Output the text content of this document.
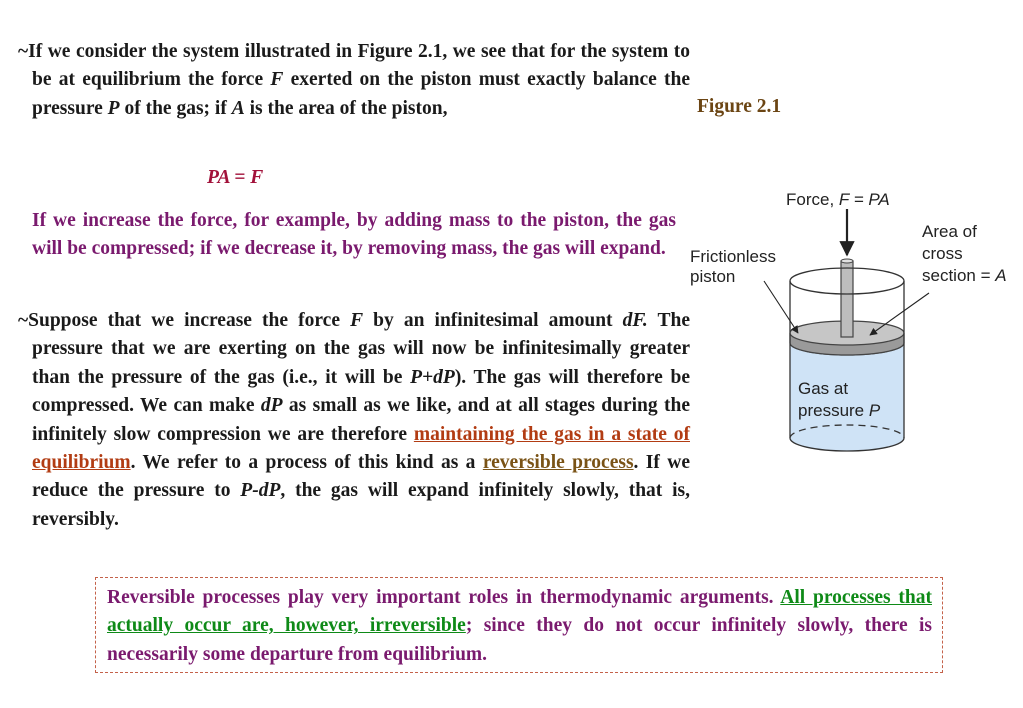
~If we consider the system illustrated in Figure 2.1, we see that for the system to be at equilibrium the force F exerted on the piston must exactly balance the pressure P of the gas; if A is the area of the piston,
PA = F
If we increase the force, for example, by adding mass to the piston, the gas will be compressed; if we decrease it, by removing mass, the gas will expand.
~Suppose that we increase the force F by an infinitesimal amount dF. The pressure that we are exerting on the gas will now be infinitesimally greater than the pressure of the gas (i.e., it will be P+dP). The gas will therefore be compressed. We can make dP as small as we like, and at all stages during the infinitely slow compression we are therefore maintaining the gas in a state of equilibrium. We refer to a process of this kind as a reversible process. If we reduce the pressure to P-dP, the gas will expand infinitely slowly, that is, reversibly.
Figure 2.1
Force, F = PA
Frictionless
piston
Area of
cross
section = A
Gas at
pressure P
Reversible processes play very important roles in thermodynamic arguments. All processes that actually occur are, however, irreversible; since they do not occur infinitely slowly, there is necessarily some departure from equilibrium.
